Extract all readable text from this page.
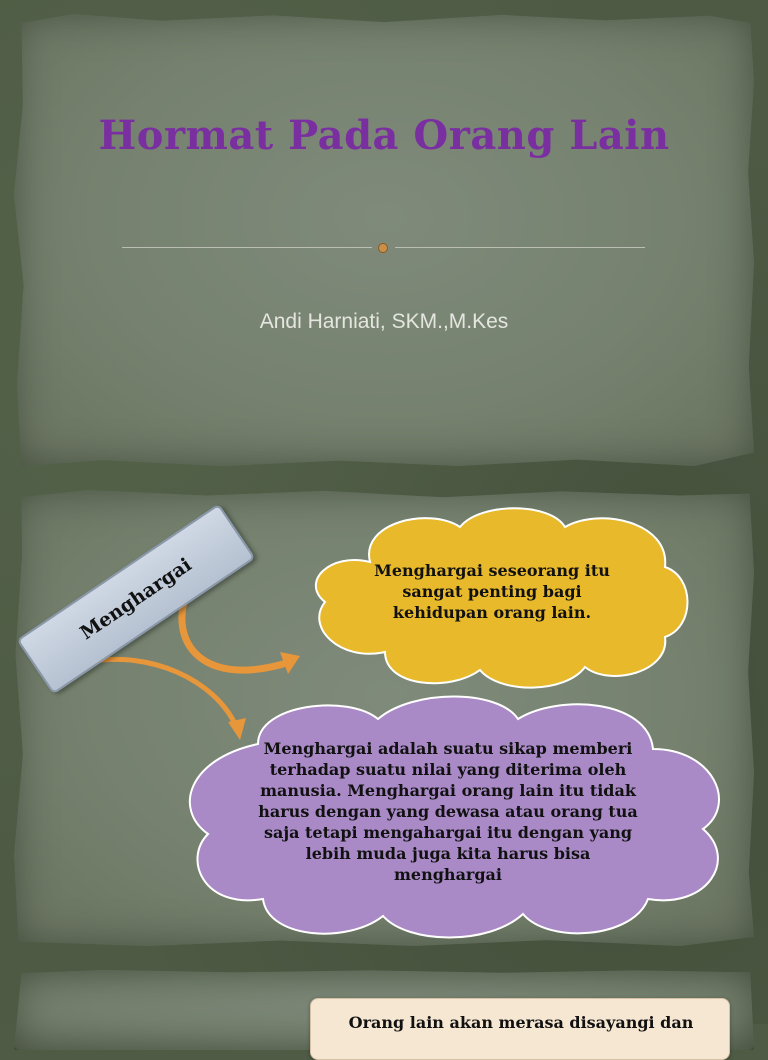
Hormat Pada Orang Lain
Andi Harniati, SKM.,M.Kes
Menghargai seseorang itu sangat penting bagi kehidupan orang lain.
Menghargai adalah suatu sikap memberi terhadap suatu nilai yang diterima oleh manusia. Menghargai orang lain itu tidak harus dengan yang dewasa atau orang tua saja tetapi mengahargai itu dengan yang lebih muda juga kita harus bisa menghargai
Menghargai
Orang lain akan merasa disayangi dan
